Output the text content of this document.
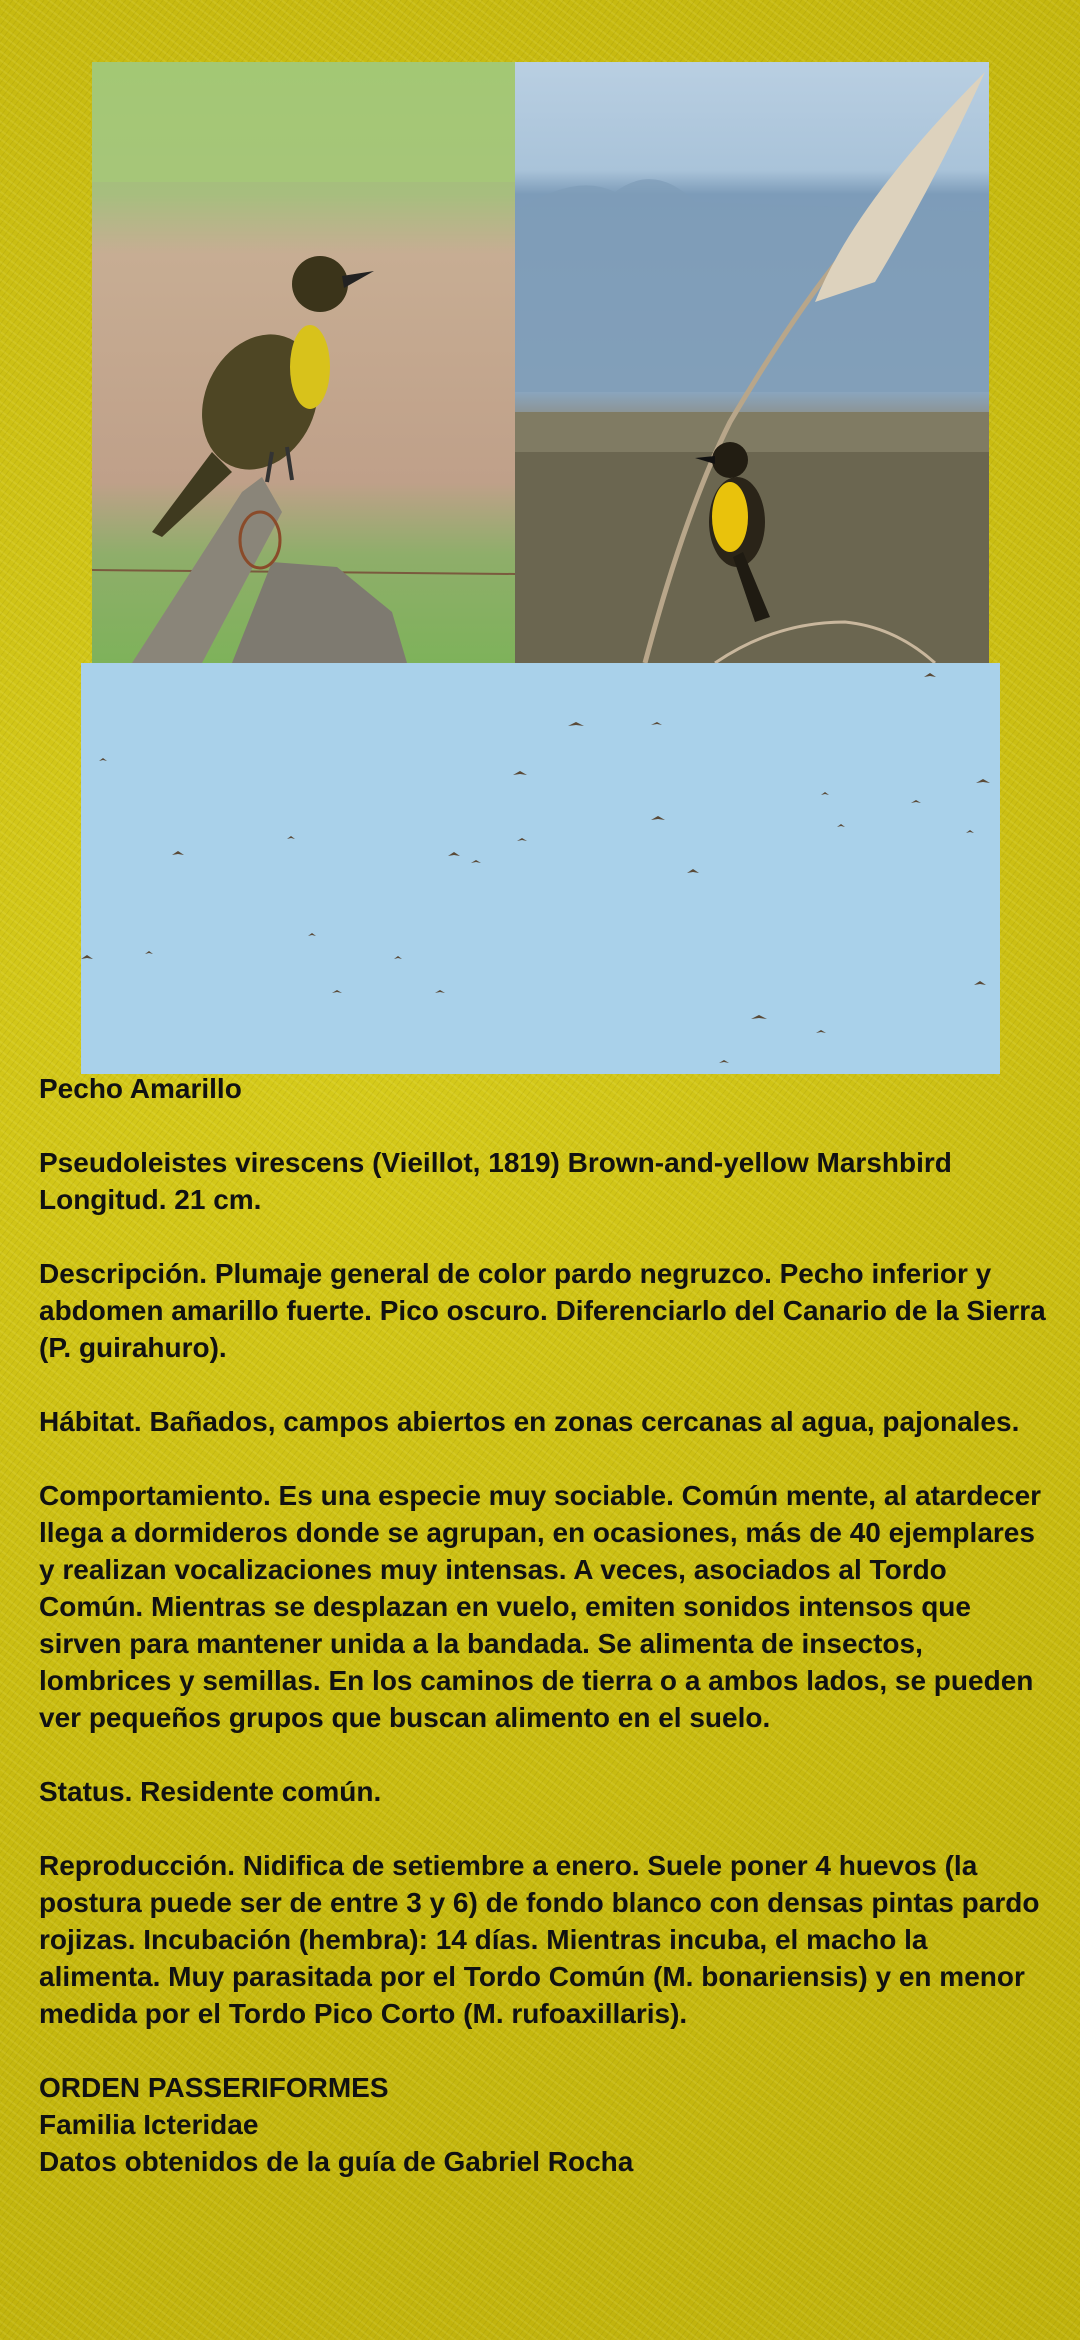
Pecho Amarillo

Pseudoleistes virescens (Vieillot, 1819) Brown-and-yellow Marshbird
Longitud. 21 cm.

Descripción. Plumaje general de color pardo negruzco. Pecho inferior y abdomen amarillo fuerte. Pico oscuro. Diferenciarlo del Canario de la Sierra (P. guirahuro).

Hábitat. Bañados, campos abiertos en zonas cercanas al agua, pajonales.

Comportamiento. Es una especie muy sociable. Común mente, al atardecer llega a dormideros donde se agrupan, en ocasiones, más de 40 ejemplares y realizan vocalizaciones muy intensas. A veces, asociados al Tordo Común. Mientras se desplazan en vuelo, emiten sonidos intensos que sirven para mantener unida a la bandada. Se alimenta de insectos, lombrices y semillas. En los caminos de tierra o a ambos lados, se pueden ver pequeños grupos que buscan alimento en el suelo.

Status. Residente común.

Reproducción. Nidifica de setiembre a enero. Suele poner 4 huevos (la postura puede ser de entre 3 y 6) de fondo blanco con densas pintas pardo rojizas. Incubación (hembra): 14 días. Mientras incuba, el macho la alimenta. Muy parasitada por el Tordo Común (M. bonariensis) y en menor medida por el Tordo Pico Corto (M. rufoaxillaris).

ORDEN PASSERIFORMES
Familia Icteridae
Datos obtenidos de la guía de Gabriel Rocha
